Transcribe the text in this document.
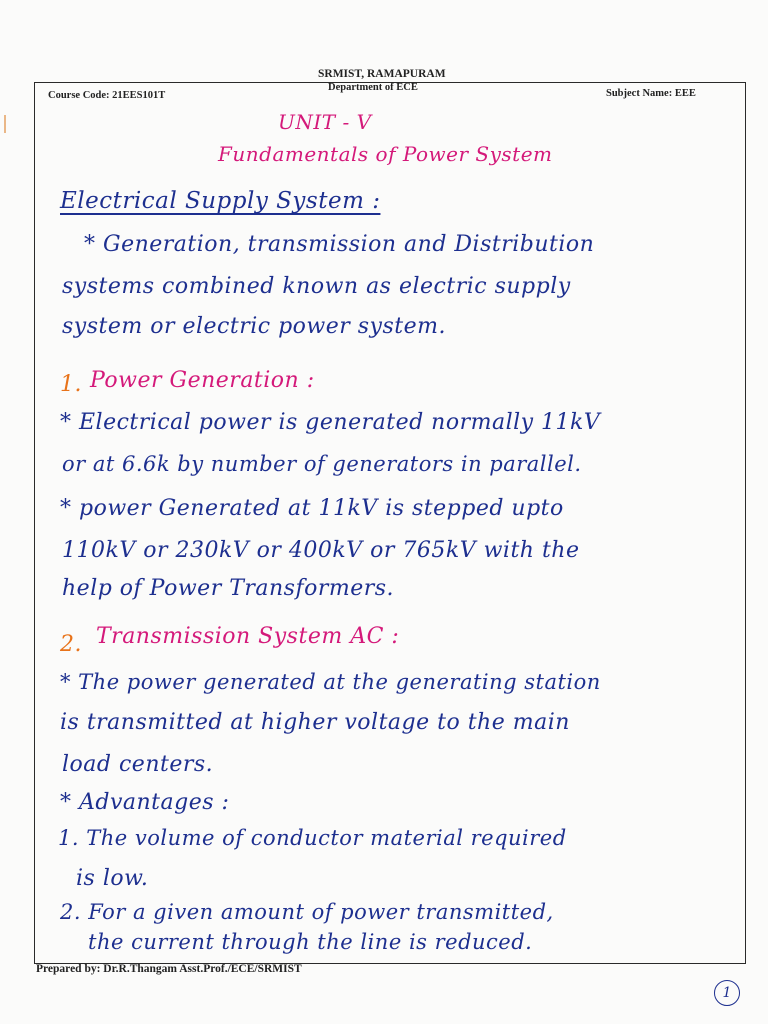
SRMIST, RAMAPURAM
Department of ECE
Course Code: 21EES101T	Subject Name: EEE
UNIT - V
Fundamentals of Power System
Electrical Supply System :
* Generation, transmission and Distribution
systems combined known as electric supply
system or electric power system.
1. Power Generation :
* Electrical power is generated normally 11kV
or at 6.6k by number of generators in parallel.
* power Generated at 11kV is stepped upto
110kV or 230kV or 400kV or 765kV with the
help of Power Transformers.
2. Transmission System AC :
* The power generated at the generating station
is transmitted at higher voltage to the main
load centers.
* Advantages :
1. The volume of conductor material required
is low.
2. For a given amount of power transmitted,
the current through the line is reduced.
Prepared by: Dr.R.Thangam Asst.Prof./ECE/SRMIST
1
